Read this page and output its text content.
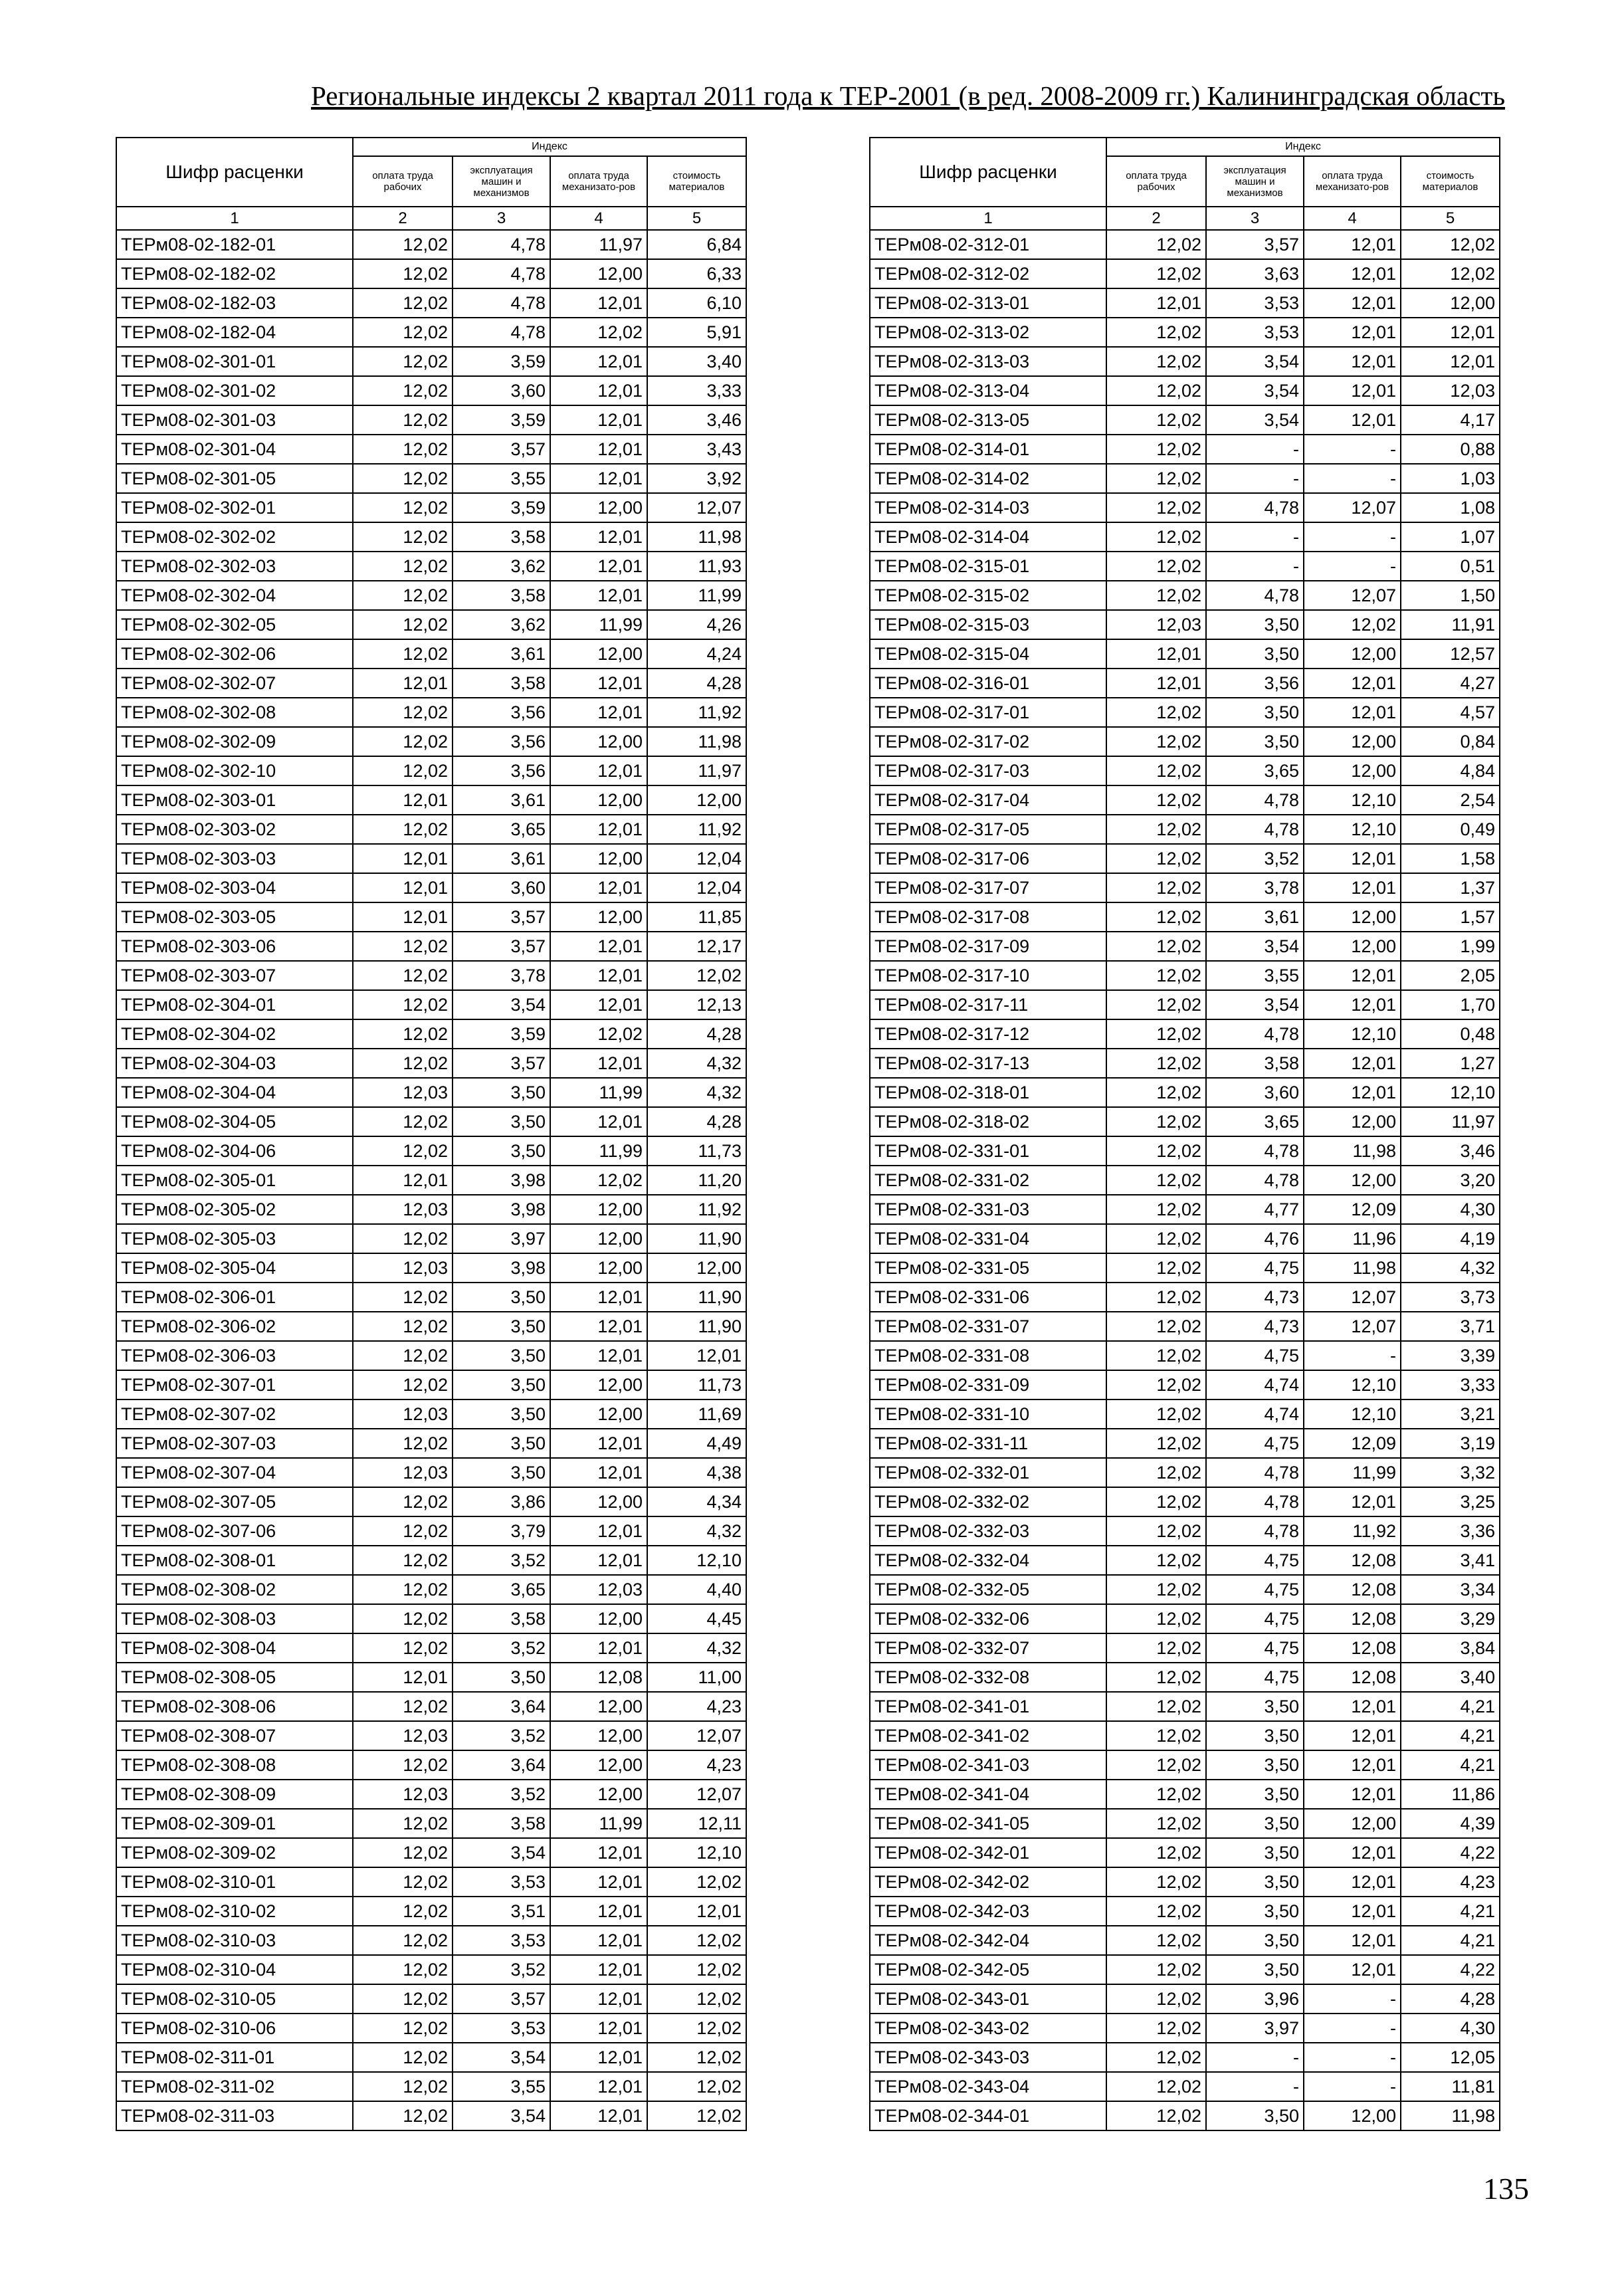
Региональные индексы 2 квартал 2011 года к ТЕР-2001 (в ред. 2008-2009 гг.) Калининградская область
Шифр расценки	Индекс			
	оплата труда рабочих	эксплуатация машин и механизмов	оплата труда механизато-ров	стоимость материалов
1	2	3	4	5
ТЕРм08-02-182-01	12,02	4,78	11,97	6,84
ТЕРм08-02-182-02	12,02	4,78	12,00	6,33
ТЕРм08-02-182-03	12,02	4,78	12,01	6,10
ТЕРм08-02-182-04	12,02	4,78	12,02	5,91
ТЕРм08-02-301-01	12,02	3,59	12,01	3,40
ТЕРм08-02-301-02	12,02	3,60	12,01	3,33
ТЕРм08-02-301-03	12,02	3,59	12,01	3,46
ТЕРм08-02-301-04	12,02	3,57	12,01	3,43
ТЕРм08-02-301-05	12,02	3,55	12,01	3,92
ТЕРм08-02-302-01	12,02	3,59	12,00	12,07
ТЕРм08-02-302-02	12,02	3,58	12,01	11,98
ТЕРм08-02-302-03	12,02	3,62	12,01	11,93
ТЕРм08-02-302-04	12,02	3,58	12,01	11,99
ТЕРм08-02-302-05	12,02	3,62	11,99	4,26
ТЕРм08-02-302-06	12,02	3,61	12,00	4,24
ТЕРм08-02-302-07	12,01	3,58	12,01	4,28
ТЕРм08-02-302-08	12,02	3,56	12,01	11,92
ТЕРм08-02-302-09	12,02	3,56	12,00	11,98
ТЕРм08-02-302-10	12,02	3,56	12,01	11,97
ТЕРм08-02-303-01	12,01	3,61	12,00	12,00
ТЕРм08-02-303-02	12,02	3,65	12,01	11,92
ТЕРм08-02-303-03	12,01	3,61	12,00	12,04
ТЕРм08-02-303-04	12,01	3,60	12,01	12,04
ТЕРм08-02-303-05	12,01	3,57	12,00	11,85
ТЕРм08-02-303-06	12,02	3,57	12,01	12,17
ТЕРм08-02-303-07	12,02	3,78	12,01	12,02
ТЕРм08-02-304-01	12,02	3,54	12,01	12,13
ТЕРм08-02-304-02	12,02	3,59	12,02	4,28
ТЕРм08-02-304-03	12,02	3,57	12,01	4,32
ТЕРм08-02-304-04	12,03	3,50	11,99	4,32
ТЕРм08-02-304-05	12,02	3,50	12,01	4,28
ТЕРм08-02-304-06	12,02	3,50	11,99	11,73
ТЕРм08-02-305-01	12,01	3,98	12,02	11,20
ТЕРм08-02-305-02	12,03	3,98	12,00	11,92
ТЕРм08-02-305-03	12,02	3,97	12,00	11,90
ТЕРм08-02-305-04	12,03	3,98	12,00	12,00
ТЕРм08-02-306-01	12,02	3,50	12,01	11,90
ТЕРм08-02-306-02	12,02	3,50	12,01	11,90
ТЕРм08-02-306-03	12,02	3,50	12,01	12,01
ТЕРм08-02-307-01	12,02	3,50	12,00	11,73
ТЕРм08-02-307-02	12,03	3,50	12,00	11,69
ТЕРм08-02-307-03	12,02	3,50	12,01	4,49
ТЕРм08-02-307-04	12,03	3,50	12,01	4,38
ТЕРм08-02-307-05	12,02	3,86	12,00	4,34
ТЕРм08-02-307-06	12,02	3,79	12,01	4,32
ТЕРм08-02-308-01	12,02	3,52	12,01	12,10
ТЕРм08-02-308-02	12,02	3,65	12,03	4,40
ТЕРм08-02-308-03	12,02	3,58	12,00	4,45
ТЕРм08-02-308-04	12,02	3,52	12,01	4,32
ТЕРм08-02-308-05	12,01	3,50	12,08	11,00
ТЕРм08-02-308-06	12,02	3,64	12,00	4,23
ТЕРм08-02-308-07	12,03	3,52	12,00	12,07
ТЕРм08-02-308-08	12,02	3,64	12,00	4,23
ТЕРм08-02-308-09	12,03	3,52	12,00	12,07
ТЕРм08-02-309-01	12,02	3,58	11,99	12,11
ТЕРм08-02-309-02	12,02	3,54	12,01	12,10
ТЕРм08-02-310-01	12,02	3,53	12,01	12,02
ТЕРм08-02-310-02	12,02	3,51	12,01	12,01
ТЕРм08-02-310-03	12,02	3,53	12,01	12,02
ТЕРм08-02-310-04	12,02	3,52	12,01	12,02
ТЕРм08-02-310-05	12,02	3,57	12,01	12,02
ТЕРм08-02-310-06	12,02	3,53	12,01	12,02
ТЕРм08-02-311-01	12,02	3,54	12,01	12,02
ТЕРм08-02-311-02	12,02	3,55	12,01	12,02
ТЕРм08-02-311-03	12,02	3,54	12,01	12,02
Шифр расценки	Индекс			
	оплата труда рабочих	эксплуатация машин и механизмов	оплата труда механизато-ров	стоимость материалов
1	2	3	4	5
ТЕРм08-02-312-01	12,02	3,57	12,01	12,02
ТЕРм08-02-312-02	12,02	3,63	12,01	12,02
ТЕРм08-02-313-01	12,01	3,53	12,01	12,00
ТЕРм08-02-313-02	12,02	3,53	12,01	12,01
ТЕРм08-02-313-03	12,02	3,54	12,01	12,01
ТЕРм08-02-313-04	12,02	3,54	12,01	12,03
ТЕРм08-02-313-05	12,02	3,54	12,01	4,17
ТЕРм08-02-314-01	12,02	-	-	0,88
ТЕРм08-02-314-02	12,02	-	-	1,03
ТЕРм08-02-314-03	12,02	4,78	12,07	1,08
ТЕРм08-02-314-04	12,02	-	-	1,07
ТЕРм08-02-315-01	12,02	-	-	0,51
ТЕРм08-02-315-02	12,02	4,78	12,07	1,50
ТЕРм08-02-315-03	12,03	3,50	12,02	11,91
ТЕРм08-02-315-04	12,01	3,50	12,00	12,57
ТЕРм08-02-316-01	12,01	3,56	12,01	4,27
ТЕРм08-02-317-01	12,02	3,50	12,01	4,57
ТЕРм08-02-317-02	12,02	3,50	12,00	0,84
ТЕРм08-02-317-03	12,02	3,65	12,00	4,84
ТЕРм08-02-317-04	12,02	4,78	12,10	2,54
ТЕРм08-02-317-05	12,02	4,78	12,10	0,49
ТЕРм08-02-317-06	12,02	3,52	12,01	1,58
ТЕРм08-02-317-07	12,02	3,78	12,01	1,37
ТЕРм08-02-317-08	12,02	3,61	12,00	1,57
ТЕРм08-02-317-09	12,02	3,54	12,00	1,99
ТЕРм08-02-317-10	12,02	3,55	12,01	2,05
ТЕРм08-02-317-11	12,02	3,54	12,01	1,70
ТЕРм08-02-317-12	12,02	4,78	12,10	0,48
ТЕРм08-02-317-13	12,02	3,58	12,01	1,27
ТЕРм08-02-318-01	12,02	3,60	12,01	12,10
ТЕРм08-02-318-02	12,02	3,65	12,00	11,97
ТЕРм08-02-331-01	12,02	4,78	11,98	3,46
ТЕРм08-02-331-02	12,02	4,78	12,00	3,20
ТЕРм08-02-331-03	12,02	4,77	12,09	4,30
ТЕРм08-02-331-04	12,02	4,76	11,96	4,19
ТЕРм08-02-331-05	12,02	4,75	11,98	4,32
ТЕРм08-02-331-06	12,02	4,73	12,07	3,73
ТЕРм08-02-331-07	12,02	4,73	12,07	3,71
ТЕРм08-02-331-08	12,02	4,75	-	3,39
ТЕРм08-02-331-09	12,02	4,74	12,10	3,33
ТЕРм08-02-331-10	12,02	4,74	12,10	3,21
ТЕРм08-02-331-11	12,02	4,75	12,09	3,19
ТЕРм08-02-332-01	12,02	4,78	11,99	3,32
ТЕРм08-02-332-02	12,02	4,78	12,01	3,25
ТЕРм08-02-332-03	12,02	4,78	11,92	3,36
ТЕРм08-02-332-04	12,02	4,75	12,08	3,41
ТЕРм08-02-332-05	12,02	4,75	12,08	3,34
ТЕРм08-02-332-06	12,02	4,75	12,08	3,29
ТЕРм08-02-332-07	12,02	4,75	12,08	3,84
ТЕРм08-02-332-08	12,02	4,75	12,08	3,40
ТЕРм08-02-341-01	12,02	3,50	12,01	4,21
ТЕРм08-02-341-02	12,02	3,50	12,01	4,21
ТЕРм08-02-341-03	12,02	3,50	12,01	4,21
ТЕРм08-02-341-04	12,02	3,50	12,01	11,86
ТЕРм08-02-341-05	12,02	3,50	12,00	4,39
ТЕРм08-02-342-01	12,02	3,50	12,01	4,22
ТЕРм08-02-342-02	12,02	3,50	12,01	4,23
ТЕРм08-02-342-03	12,02	3,50	12,01	4,21
ТЕРм08-02-342-04	12,02	3,50	12,01	4,21
ТЕРм08-02-342-05	12,02	3,50	12,01	4,22
ТЕРм08-02-343-01	12,02	3,96	-	4,28
ТЕРм08-02-343-02	12,02	3,97	-	4,30
ТЕРм08-02-343-03	12,02	-	-	12,05
ТЕРм08-02-343-04	12,02	-	-	11,81
ТЕРм08-02-344-01	12,02	3,50	12,00	11,98
135
